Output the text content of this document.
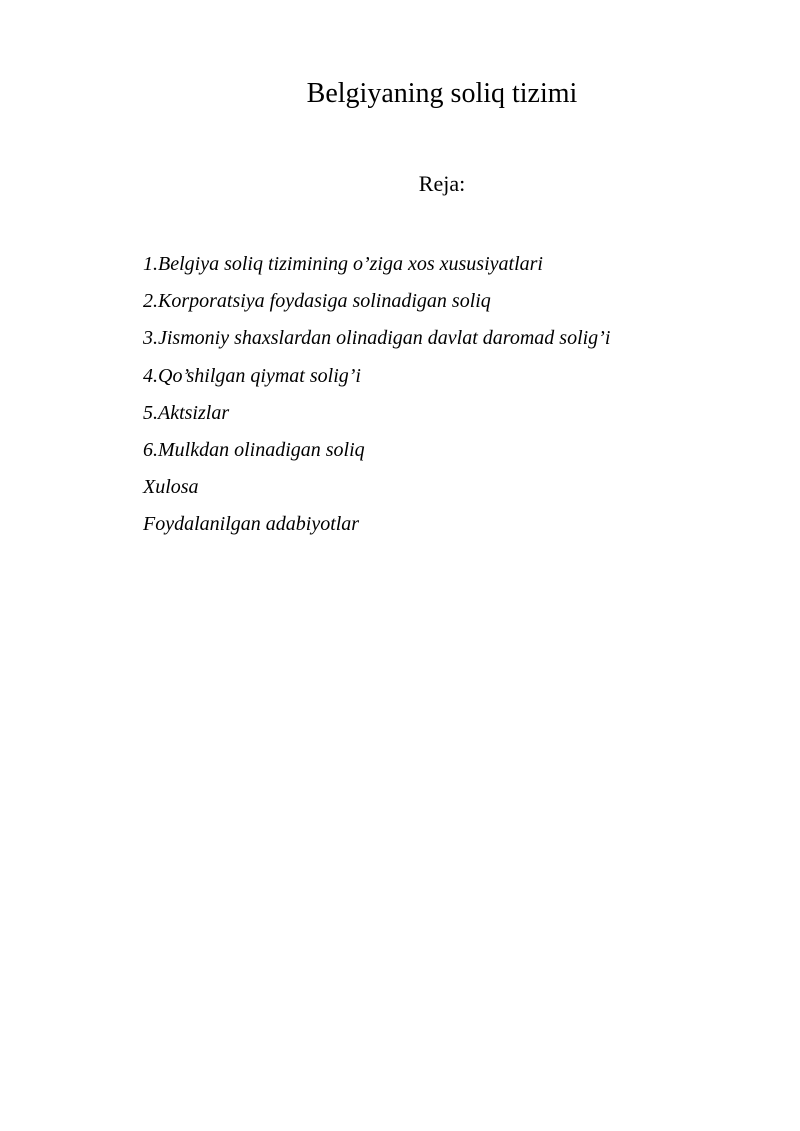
Belgiyaning soliq tizimi
Reja:
1.Belgiya soliq tizimining o’ziga xos xususiyatlari
2.Korporatsiya foydasiga solinadigan soliq
3.Jismoniy shaxslardan olinadigan davlat daromad solig’i
4.Qo’shilgan qiymat solig’i
5.Aktsizlar
6.Mulkdan olinadigan soliq
Xulosa
Foydalanilgan adabiyotlar
